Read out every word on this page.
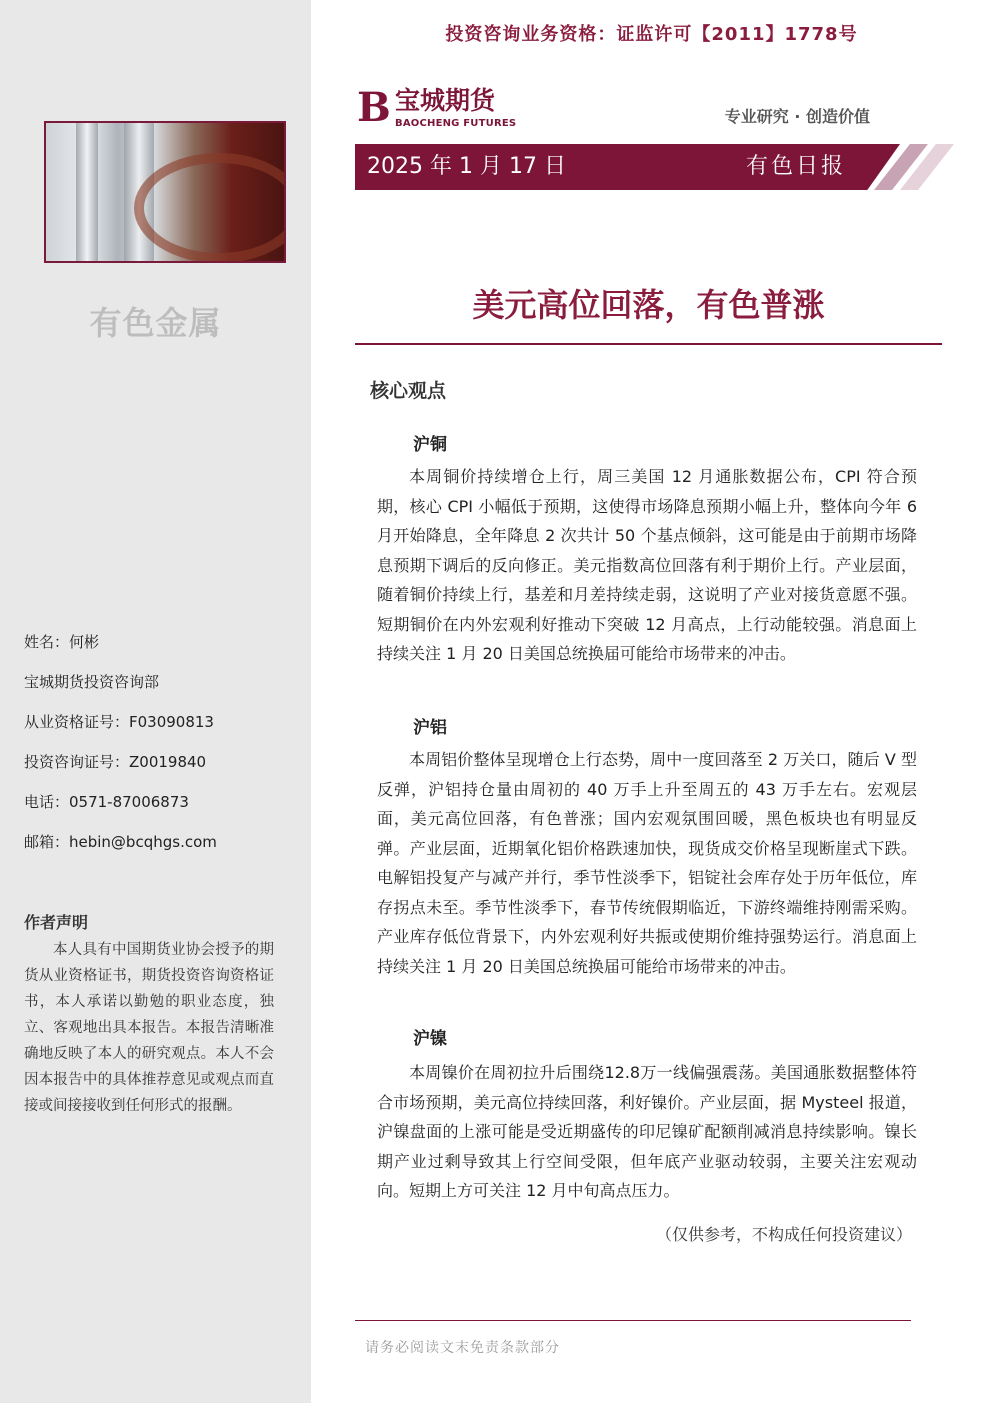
有色金属
姓名：何彬
宝城期货投资咨询部
从业资格证号：F03090813
投资咨询证号：Z0019840
电话：0571-87006873
邮箱：hebin@bcqhgs.com
作者声明
本人具有中国期货业协会授予的期货从业资格证书，期货投资咨询资格证书，本人承诺以勤勉的职业态度，独立、客观地出具本报告。本报告清晰准确地反映了本人的研究观点。本人不会因本报告中的具体推荐意见或观点而直接或间接接收到任何形式的报酬。
投资咨询业务资格：证监许可【2011】1778号
B 宝城期货
BAOCHENG FUTURES	专业研究 · 创造价值
2025 年 1 月 17 日	有色日报
美元高位回落，有色普涨
核心观点
沪铜
本周铜价持续增仓上行，周三美国 12 月通胀数据公布，CPI 符合预期，核心 CPI 小幅低于预期，这使得市场降息预期小幅上升，整体向今年 6 月开始降息，全年降息 2 次共计 50 个基点倾斜，这可能是由于前期市场降息预期下调后的反向修正。美元指数高位回落有利于期价上行。产业层面，随着铜价持续上行，基差和月差持续走弱，这说明了产业对接货意愿不强。短期铜价在内外宏观利好推动下突破 12 月高点，上行动能较强。消息面上持续关注 1 月 20 日美国总统换届可能给市场带来的冲击。
沪铝
本周铝价整体呈现增仓上行态势，周中一度回落至 2 万关口，随后 V 型反弹，沪铝持仓量由周初的 40 万手上升至周五的 43 万手左右。宏观层面，美元高位回落，有色普涨；国内宏观氛围回暖，黑色板块也有明显反弹。产业层面，近期氧化铝价格跌速加快，现货成交价格呈现断崖式下跌。电解铝投复产与减产并行，季节性淡季下，铝锭社会库存处于历年低位，库存拐点未至。季节性淡季下，春节传统假期临近，下游终端维持刚需采购。产业库存低位背景下，内外宏观利好共振或使期价维持强势运行。消息面上持续关注 1 月 20 日美国总统换届可能给市场带来的冲击。
沪镍
本周镍价在周初拉升后围绕12.8万一线偏强震荡。美国通胀数据整体符合市场预期，美元高位持续回落，利好镍价。产业层面，据 Mysteel 报道，沪镍盘面的上涨可能是受近期盛传的印尼镍矿配额削减消息持续影响。镍长期产业过剩导致其上行空间受限，但年底产业驱动较弱，主要关注宏观动向。短期上方可关注 12 月中旬高点压力。
（仅供参考，不构成任何投资建议）
请务必阅读文末免责条款部分
